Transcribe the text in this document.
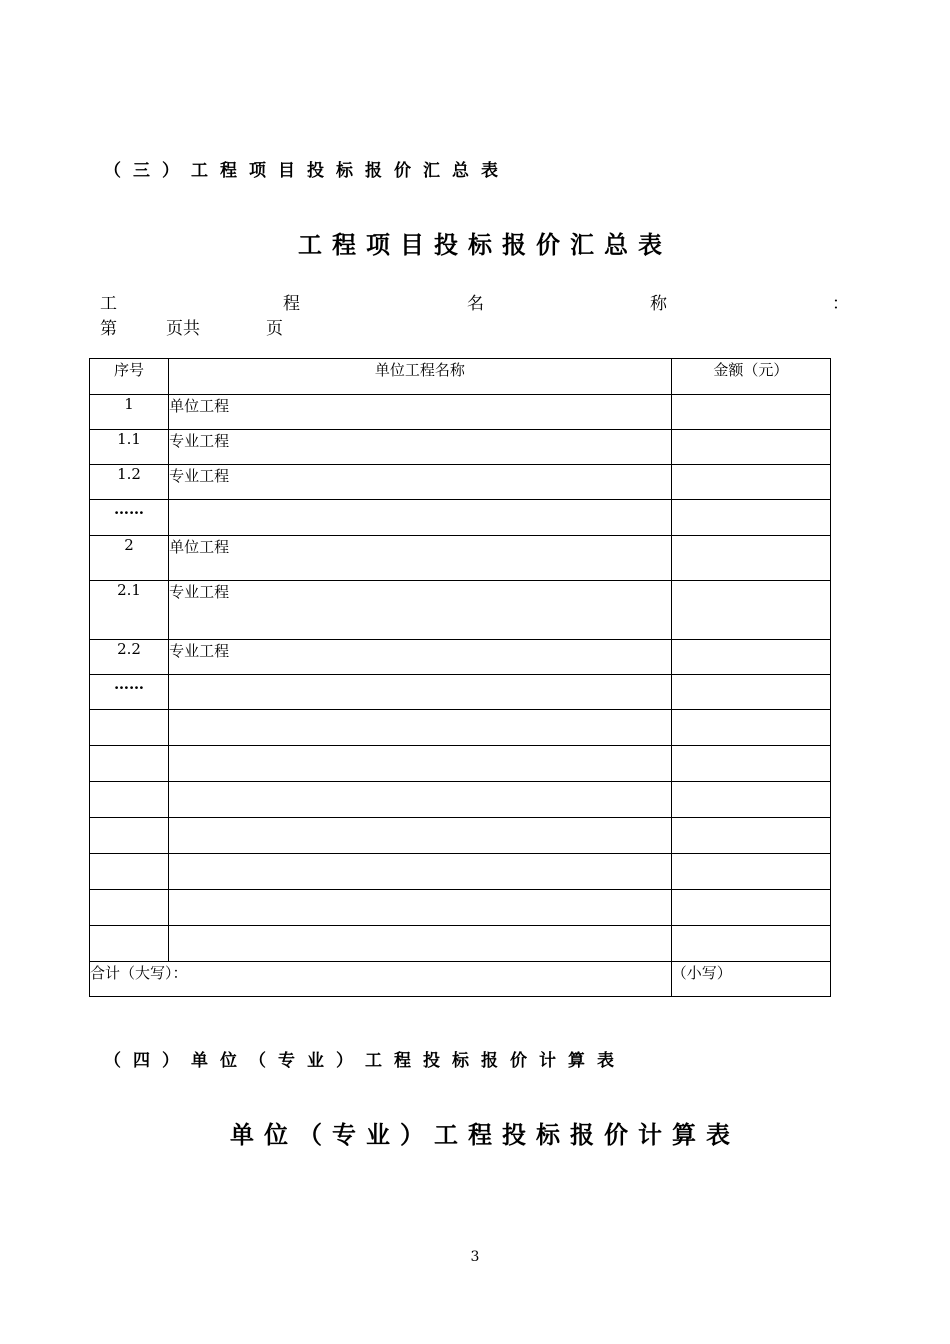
（三）工程项目投标报价汇总表
工程项目投标报价汇总表
工	程	名	称	：
第	页共	页
序号	单位工程名称	金额（元）
1	单位工程	
1.1	专业工程	
1.2	专业工程	
……		
2	单位工程	
2.1	专业工程	
2.2	专业工程	
……		

合计（大写）：		（小写）
（四）单位（专业）工程投标报价计算表
单位（专业）工程投标报价计算表
3
